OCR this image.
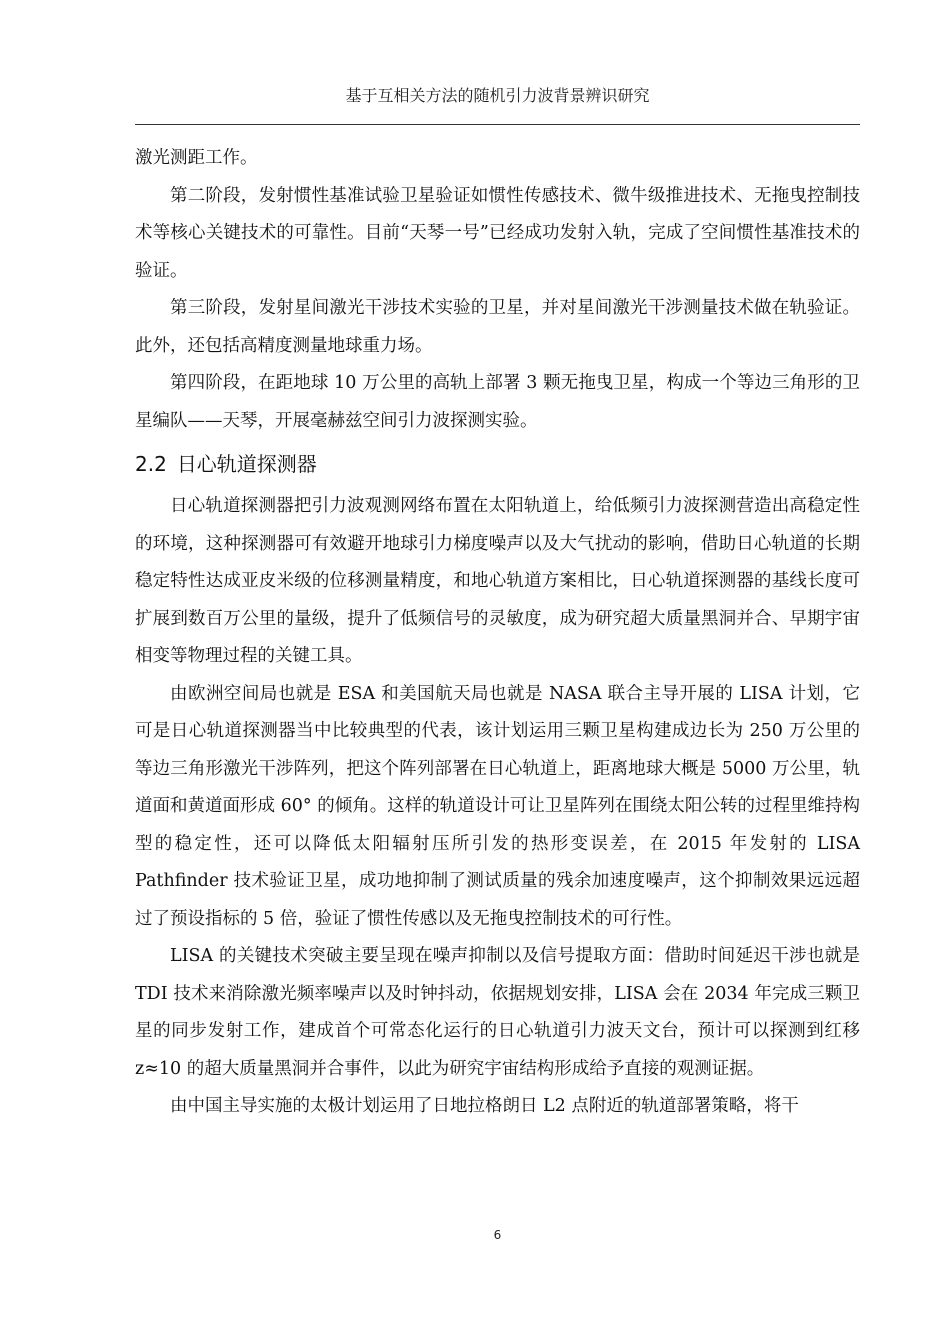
基于互相关方法的随机引力波背景辨识研究

激光测距工作。

第二阶段，发射惯性基准试验卫星验证如惯性传感技术、微牛级推进技术、无拖曳控制技术等核心关键技术的可靠性。目前“天琴一号”已经成功发射入轨，完成了空间惯性基准技术的验证。

第三阶段，发射星间激光干涉技术实验的卫星，并对星间激光干涉测量技术做在轨验证。此外，还包括高精度测量地球重力场。

第四阶段，在距地球 10 万公里的高轨上部署 3 颗无拖曳卫星，构成一个等边三角形的卫星编队——天琴，开展毫赫兹空间引力波探测实验。

2.2 日心轨道探测器

日心轨道探测器把引力波观测网络布置在太阳轨道上，给低频引力波探测营造出高稳定性的环境，这种探测器可有效避开地球引力梯度噪声以及大气扰动的影响，借助日心轨道的长期稳定特性达成亚皮米级的位移测量精度，和地心轨道方案相比，日心轨道探测器的基线长度可扩展到数百万公里的量级，提升了低频信号的灵敏度，成为研究超大质量黑洞并合、早期宇宙相变等物理过程的关键工具。

由欧洲空间局也就是 ESA 和美国航天局也就是 NASA 联合主导开展的 LISA 计划，它可是日心轨道探测器当中比较典型的代表，该计划运用三颗卫星构建成边长为 250 万公里的等边三角形激光干涉阵列，把这个阵列部署在日心轨道上，距离地球大概是 5000 万公里，轨道面和黄道面形成 60° 的倾角。这样的轨道设计可让卫星阵列在围绕太阳公转的过程里维持构型的稳定性，还可以降低太阳辐射压所引发的热形变误差，在 2015 年发射的 LISA Pathfinder 技术验证卫星，成功地抑制了测试质量的残余加速度噪声，这个抑制效果远远超过了预设指标的 5 倍，验证了惯性传感以及无拖曳控制技术的可行性。

LISA 的关键技术突破主要呈现在噪声抑制以及信号提取方面：借助时间延迟干涉也就是 TDI 技术来消除激光频率噪声以及时钟抖动，依据规划安排，LISA 会在 2034 年完成三颗卫星的同步发射工作，建成首个可常态化运行的日心轨道引力波天文台，预计可以探测到红移 z≈10 的超大质量黑洞并合事件，以此为研究宇宙结构形成给予直接的观测证据。

由中国主导实施的太极计划运用了日地拉格朗日 L2 点附近的轨道部署策略，将干

6
